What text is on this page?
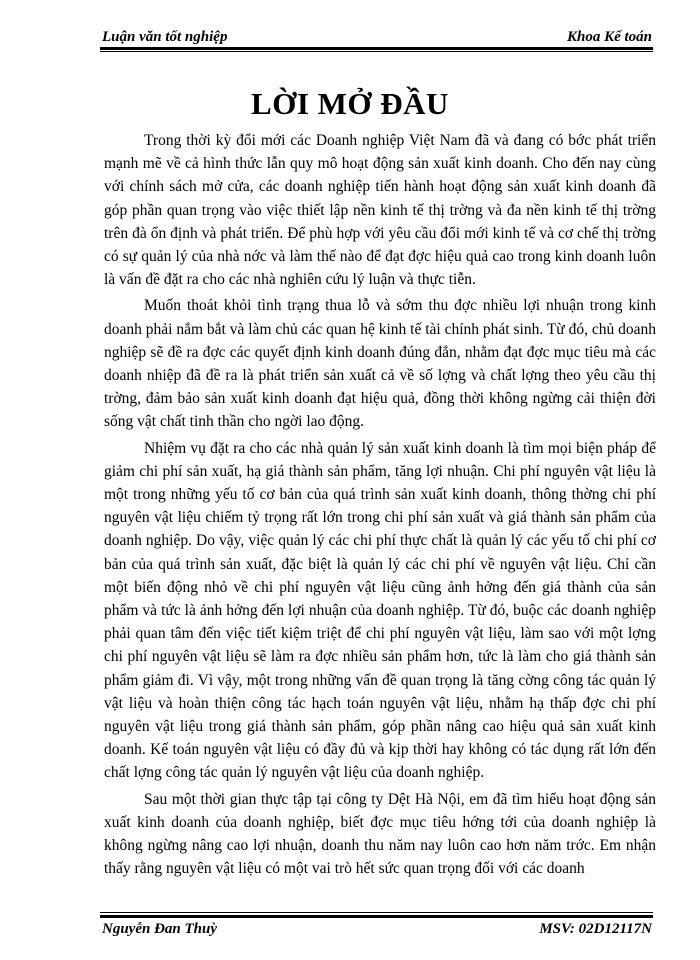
Luận văn tốt nghiệp	Khoa Kế toán
LỜI MỞ ĐẦU

Trong thời kỳ đổi mới các Doanh nghiệp Việt Nam đã và đang có bớc phát triển mạnh mẽ về cả hình thức lẫn quy mô hoạt động sản xuất kinh doanh. Cho đến nay cùng với chính sách mở cửa, các doanh nghiệp tiến hành hoạt động sản xuất kinh doanh đã góp phần quan trọng vào việc thiết lập nền kinh tế thị trờng và đa nền kinh tế thị trờng trên đà ổn định và phát triển. Để phù hợp với yêu cầu đổi mới kinh tế và cơ chế thị trờng có sự quản lý của nhà nớc và làm thế nào để đạt đợc hiệu quả cao trong kinh doanh luôn là vấn đề đặt ra cho các nhà nghiên cứu lý luận và thực tiễn.

Muốn thoát khỏi tình trạng thua lỗ và sớm thu đợc nhiều lợi nhuận trong kinh doanh phải nắm bắt và làm chủ các quan hệ kinh tế tài chính phát sinh. Từ đó, chủ doanh nghiệp sẽ đề ra đợc các quyết định kinh doanh đúng đắn, nhằm đạt đợc mục tiêu mà các doanh nhiệp đã đề ra là phát triển sản xuất cả về số lợng và chất lợng theo yêu cầu thị trờng, đảm bảo sản xuất kinh doanh đạt hiệu quả, đồng thời không ngừng cải thiện đời sống vật chất tinh thần cho ngời lao động.

Nhiệm vụ đặt ra cho các nhà quản lý sản xuất kinh doanh là tìm mọi biện pháp để giảm chi phí sản xuất, hạ giá thành sản phẩm, tăng lợi nhuận. Chi phí nguyên vật liệu là một trong những yếu tố cơ bản của quá trình sản xuất kinh doanh, thông thờng chi phí nguyên vật liệu chiếm tỷ trọng rất lớn trong chi phí sản xuất và giá thành sản phẩm của doanh nghiệp. Do vậy, việc quản lý các chi phí thực chất là quản lý các yếu tố chi phí cơ bản của quá trình sản xuất, đặc biệt là quản lý các chi phí về nguyên vật liệu. Chỉ cần một biến động nhỏ về chi phí nguyên vật liệu cũng ảnh hởng đến giá thành của sản phẩm và tức là ảnh hởng đến lợi nhuận của doanh nghiệp. Từ đó, buộc các doanh nghiệp phải quan tâm đến việc tiết kiệm triệt để chi phí nguyên vật liệu, làm sao với một lợng chi phí nguyên vật liệu sẽ làm ra đợc nhiều sản phẩm hơn, tức là làm cho giá thành sản phẩm giảm đi. Vì vậy, một trong những vấn đề quan trọng là tăng cờng công tác quản lý vật liệu và hoàn thiện công tác hạch toán nguyên vật liệu, nhằm hạ thấp đợc chi phí nguyên vật liệu trong giá thành sản phẩm, góp phần nâng cao hiệu quả sản xuất kinh doanh. Kế toán nguyên vật liệu có đầy đủ và kịp thời hay không có tác dụng rất lớn đến chất lợng công tác quản lý nguyên vật liệu của doanh nghiệp.

Sau một thời gian thực tập tại công ty Dệt Hà Nội, em đã tìm hiểu hoạt động sản xuất kinh doanh của doanh nghiệp, biết đợc mục tiêu hớng tới của doanh nghiệp là không ngừng nâng cao lợi nhuận, doanh thu năm nay luôn cao hơn năm trớc. Em nhận thấy rằng nguyên vật liệu có một vai trò hết sức quan trọng đối với các doanh

Nguyễn Đan Thuỳ	MSV: 02D12117N
